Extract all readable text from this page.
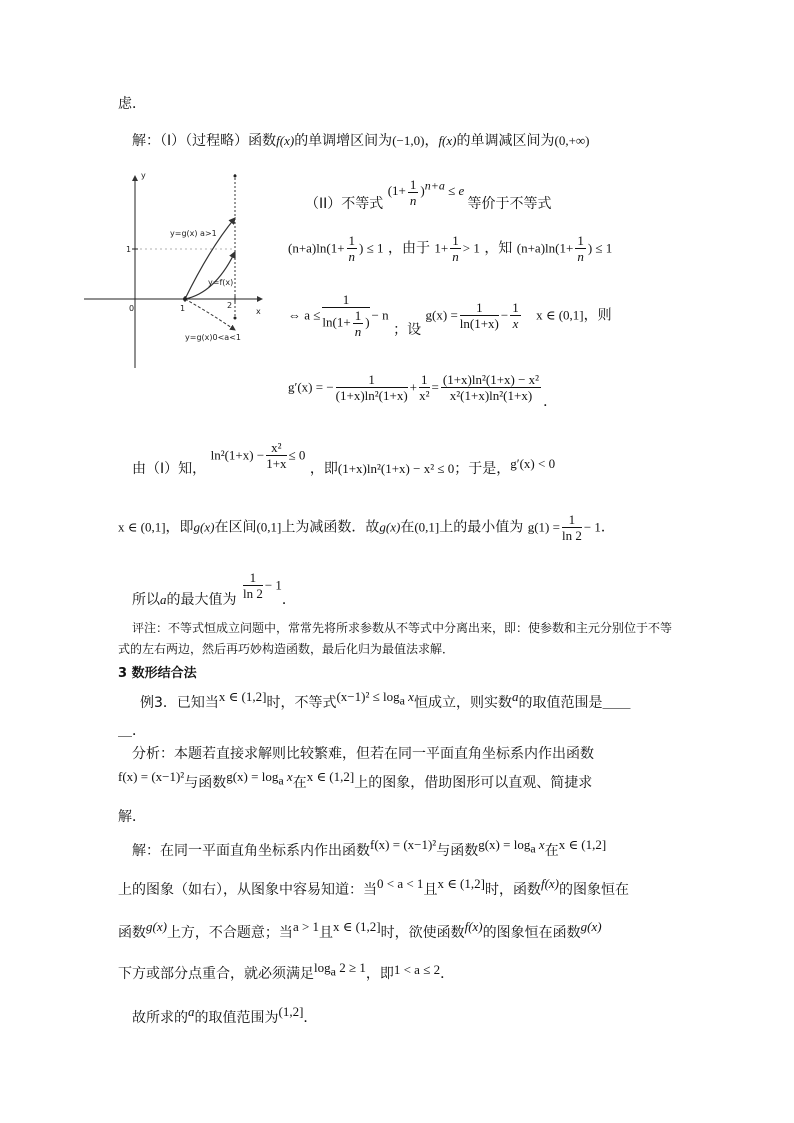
虑．
解：（I）（过程略）函数f(x)的单调增区间为(−1,0)，f(x)的单调减区间为(0,+∞)
y
x
0	1	2
1
y=g(x) a>1
y=f(x)
y=g(x)0<a<1
（II）不等式 $(1+ \frac{1}{n} )^{n+a} \le e$ 等价于不等式
$(n+a)\ln(1+ \frac{1}{n}$ ) ≤ 1 ，由于 $1+ \frac{1}{n} > 1$ ，知 $(n+a)\ln(1+ \frac{1}{n}$ ) ≤ 1
⇔ $a \le \frac{1}{\ln(1+ \frac{1}{n} )} - n$ ；设 $g(x) = \frac{1}{\ln(1+x)} - \frac{1}{x}$ x ∈ (0,1]，则
g′(x) = − $\frac{1}{\text{(1+x)ln²(1+x)}} + \frac{1}{\text{x²}} = \frac{\text{(1+x)ln²(1+x) − x²}}{\text{x²(1+x)ln²(1+x)}}$ ．
由（I）知， $\ln^2(1+x) - \frac{\text{x²}}{1+x} \le 0$ ，即(1+x)ln²(1+x) − x² ≤ 0；于是，g′(x) < 0
x ∈ (0,1]，即g(x)在区间(0,1]上为减函数．故g(x)在(0,1]上的最小值为 $g(1) = \frac{1}{\ln 2} - 1$．
所以a的最大值为 $\frac{1}{\ln 2} - 1$．
评注：不等式恒成立问题中，常常先将所求参数从不等式中分离出来，即：使参数和主元分别位于不等
式的左右两边，然后再巧妙构造函数，最后化归为最值法求解．
3 数形结合法
例3．已知当x ∈ (1,2]时，不等式$(x-1)^2 \le \log_a x$恒成立，则实数a的取值范围是＿＿
＿．
分析：本题若直接求解则比较繁难，但若在同一平面直角坐标系内作出函数
f(x) = (x−1)²与函数$g(x) = \log_a x$在x ∈ (1,2]上的图象，借助图形可以直观、简捷求
解．
解：在同一平面直角坐标系内作出函数f(x) = (x−1)²与函数$g(x) = \log_a x$在x ∈ (1,2]
上的图象（如右），从图象中容易知道：当0 < a < 1且x ∈ (1,2]时，函数f(x)的图象恒在
函数g(x)上方，不合题意；当a > 1且x ∈ (1,2]时，欲使函数f(x)的图象恒在函数g(x)
下方或部分点重合，就必须满足$\log_a 2 \ge 1$，即1 < a ≤ 2．
故所求的a的取值范围为(1,2]．
